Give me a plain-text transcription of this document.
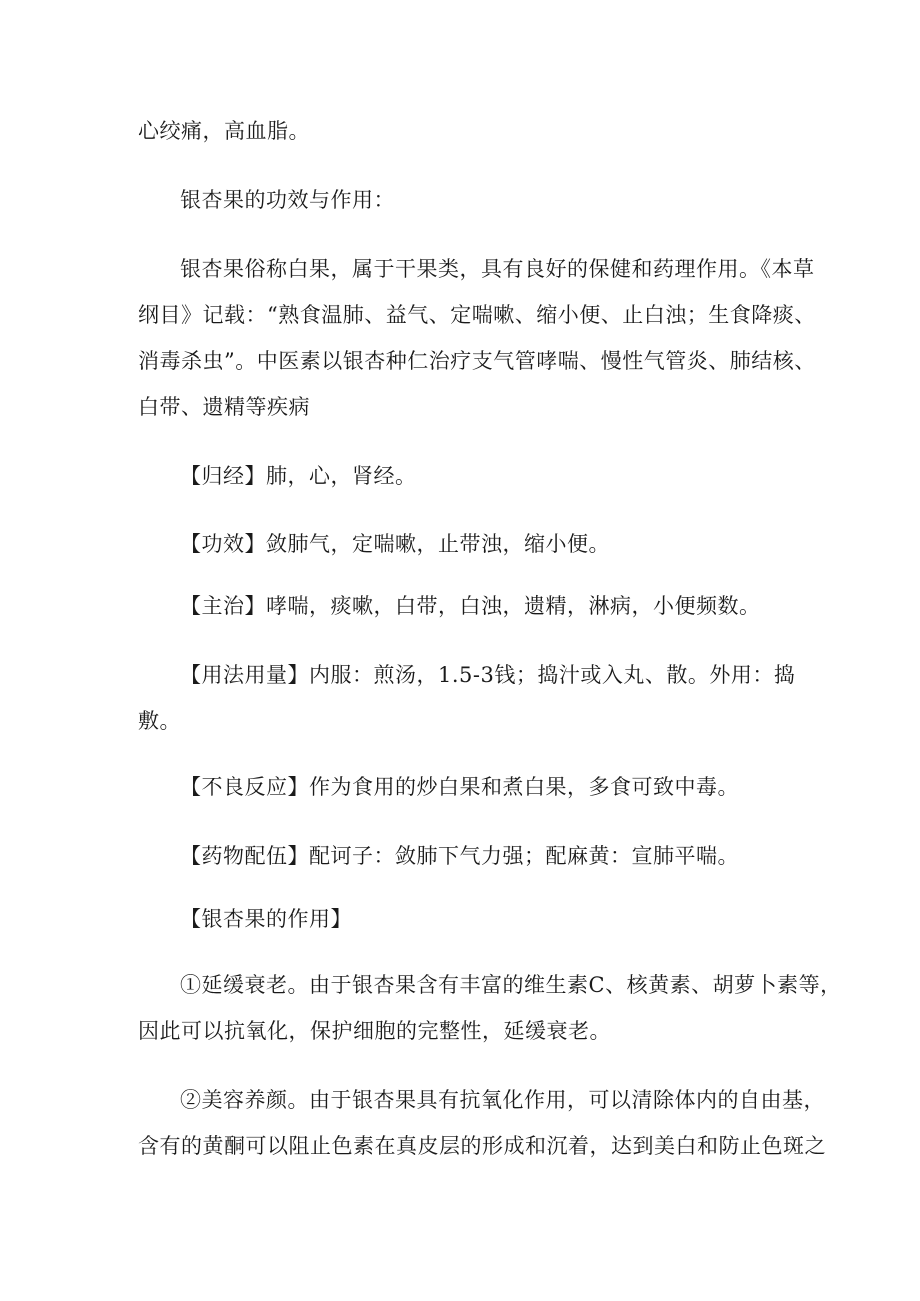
心绞痛，高血脂。
银杏果的功效与作用：
银杏果俗称白果，属于干果类，具有良好的保健和药理作用。《本草
纲目》记载：“熟食温肺、益气、定喘嗽、缩小便、止白浊；生食降痰、
消毒杀虫”。中医素以银杏种仁治疗支气管哮喘、慢性气管炎、肺结核、
白带、遗精等疾病
【归经】肺，心，肾经。
【功效】敛肺气，定喘嗽，止带浊，缩小便。
【主治】哮喘，痰嗽，白带，白浊，遗精，淋病，小便频数。
【用法用量】内服：煎汤，1.5-3钱；捣汁或入丸、散。外用：捣
敷。
【不良反应】作为食用的炒白果和煮白果，多食可致中毒。
【药物配伍】配诃子：敛肺下气力强；配麻黄：宣肺平喘。
【银杏果的作用】
①延缓衰老。由于银杏果含有丰富的维生素C、核黄素、胡萝卜素等，
因此可以抗氧化，保护细胞的完整性，延缓衰老。
②美容养颜。由于银杏果具有抗氧化作用，可以清除体内的自由基，
含有的黄酮可以阻止色素在真皮层的形成和沉着，达到美白和防止色斑之
